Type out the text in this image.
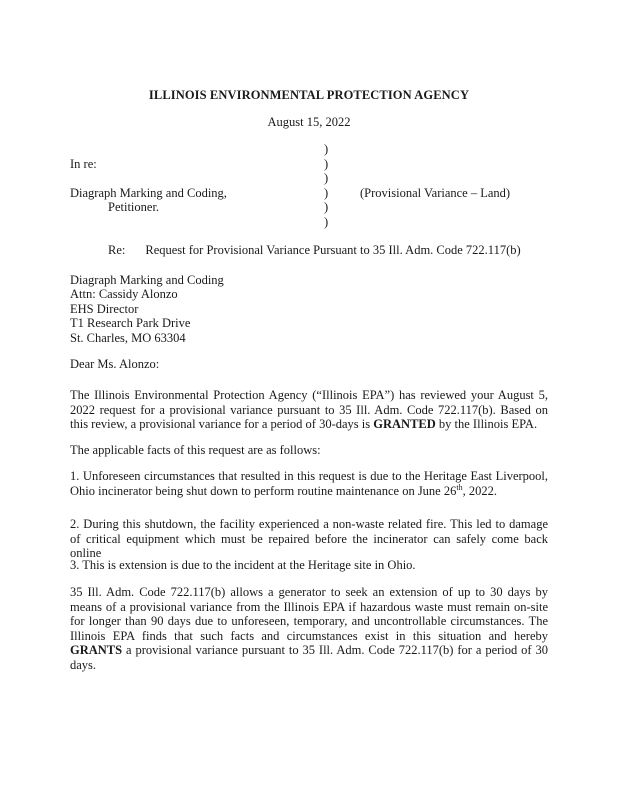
ILLINOIS ENVIRONMENTAL PROTECTION AGENCY
August 15, 2022
In re:
Diagraph Marking and Coding,
Petitioner.
(Provisional Variance – Land)
)
)
)
)
)
)
Re: Request for Provisional Variance Pursuant to 35 Ill. Adm. Code 722.117(b)
Diagraph Marking and Coding
Attn: Cassidy Alonzo
EHS Director
T1 Research Park Drive
St. Charles, MO 63304
Dear Ms. Alonzo:
The Illinois Environmental Protection Agency (“Illinois EPA”) has reviewed your August 5, 2022 request for a provisional variance pursuant to 35 Ill. Adm. Code 722.117(b). Based on this review, a provisional variance for a period of 30-days is GRANTED by the Illinois EPA.
The applicable facts of this request are as follows:
1. Unforeseen circumstances that resulted in this request is due to the Heritage East Liverpool, Ohio incinerator being shut down to perform routine maintenance on June 26th, 2022.
2. During this shutdown, the facility experienced a non-waste related fire. This led to damage of critical equipment which must be repaired before the incinerator can safely come back online
3. This is extension is due to the incident at the Heritage site in Ohio.
35 Ill. Adm. Code 722.117(b) allows a generator to seek an extension of up to 30 days by means of a provisional variance from the Illinois EPA if hazardous waste must remain on-site for longer than 90 days due to unforeseen, temporary, and uncontrollable circumstances. The Illinois EPA finds that such facts and circumstances exist in this situation and hereby GRANTS a provisional variance pursuant to 35 Ill. Adm. Code 722.117(b) for a period of 30 days.
